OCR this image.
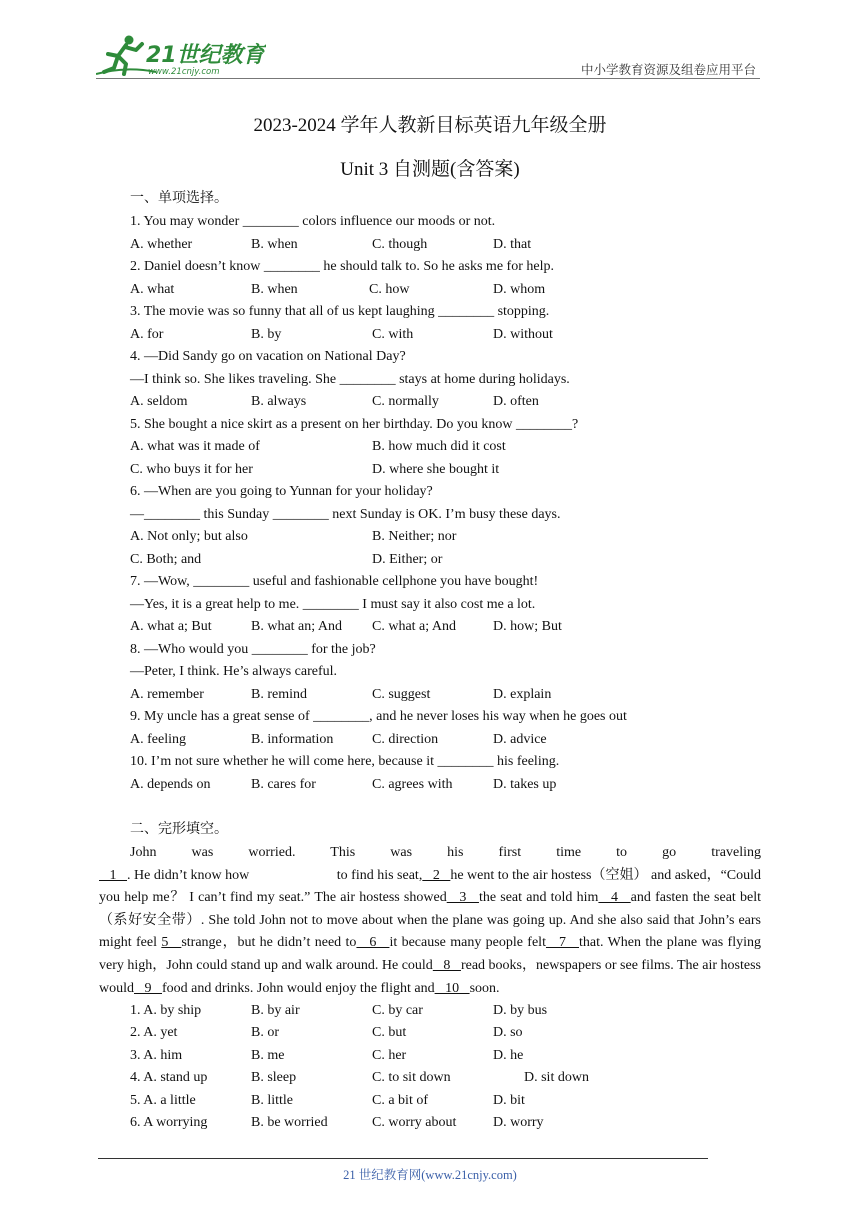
21世纪教育
www.21cnjy.com	中小学教育资源及组卷应用平台
2023-2024 学年人教新目标英语九年级全册
Unit 3 自测题(含答案)
一、单项选择。
1. You may wonder ________ colors influence our moods or not.
A. whether	B. when	C. though	D. that
2. Daniel doesn’t know ________ he should talk to. So he asks me for help.
A. what	B. when	C. how	D. whom
3. The movie was so funny that all of us kept laughing ________ stopping.
A. for	B. by	C. with	D. without
4. —Did Sandy go on vacation on National Day?
—I think so. She likes traveling. She ________ stays at home during holidays.
A. seldom	B. always	C. normally	D. often
5. She bought a nice skirt as a present on her birthday. Do you know ________?
A. what was it made of	B. how much did it cost
C. who buys it for her	D. where she bought it
6. —When are you going to Yunnan for your holiday?
—________ this Sunday ________ next Sunday is OK. I’m busy these days.
A. Not only; but also	B. Neither; nor
C. Both; and	D. Either; or
7. —Wow, ________ useful and fashionable cellphone you have bought!
—Yes, it is a great help to me. ________ I must say it also cost me a lot.
A. what a; But	B. what an; And C. what a; And	D. how; But
8. —Who would you ________ for the job?
—Peter, I think. He’s always careful.
A. remember	B. remind	C. suggest	D. explain
9. My uncle has a great sense of ________, and he never loses his way when he goes out
A. feeling	B. information	C. direction	D. advice
10. I’m not sure whether he will come here, because it ________ his feeling.
A. depends on	B. cares for	C. agrees with	D. takes up
二、完形填空。
John was worried. This was his first time to go traveling   1   . He didn’t know how                         to find his seat,   2   he went to the air hostess（空姐） and asked，“Could you help me？ I can’t find my seat.” The air hostess showed   3   the seat and told him   4   and fasten the seat belt（系好安全带）. She told John not to move about when the plane was going up. And she also said that John’s ears might feel 5   strange，but he didn’t need to   6   it because many people felt   7   that. When the plane was flying very high，John could stand up and walk around. He could   8   read books，newspapers or see films. The air hostess would   9   food and drinks. John would enjoy the flight and   10   soon.
1. A. by ship	B. by air	C. by car	D. by bus
2. A. yet	B. or	C. but	D. so
3. A. him	B. me	C. her	D. he
4. A. stand up	B. sleep	C. to sit down	D. sit down
5. A. a little	B. little	C. a bit of	D. bit
6. A worrying	B. be worried	C. worry about	D. worry
21 世纪教育网(www.21cnjy.com)
